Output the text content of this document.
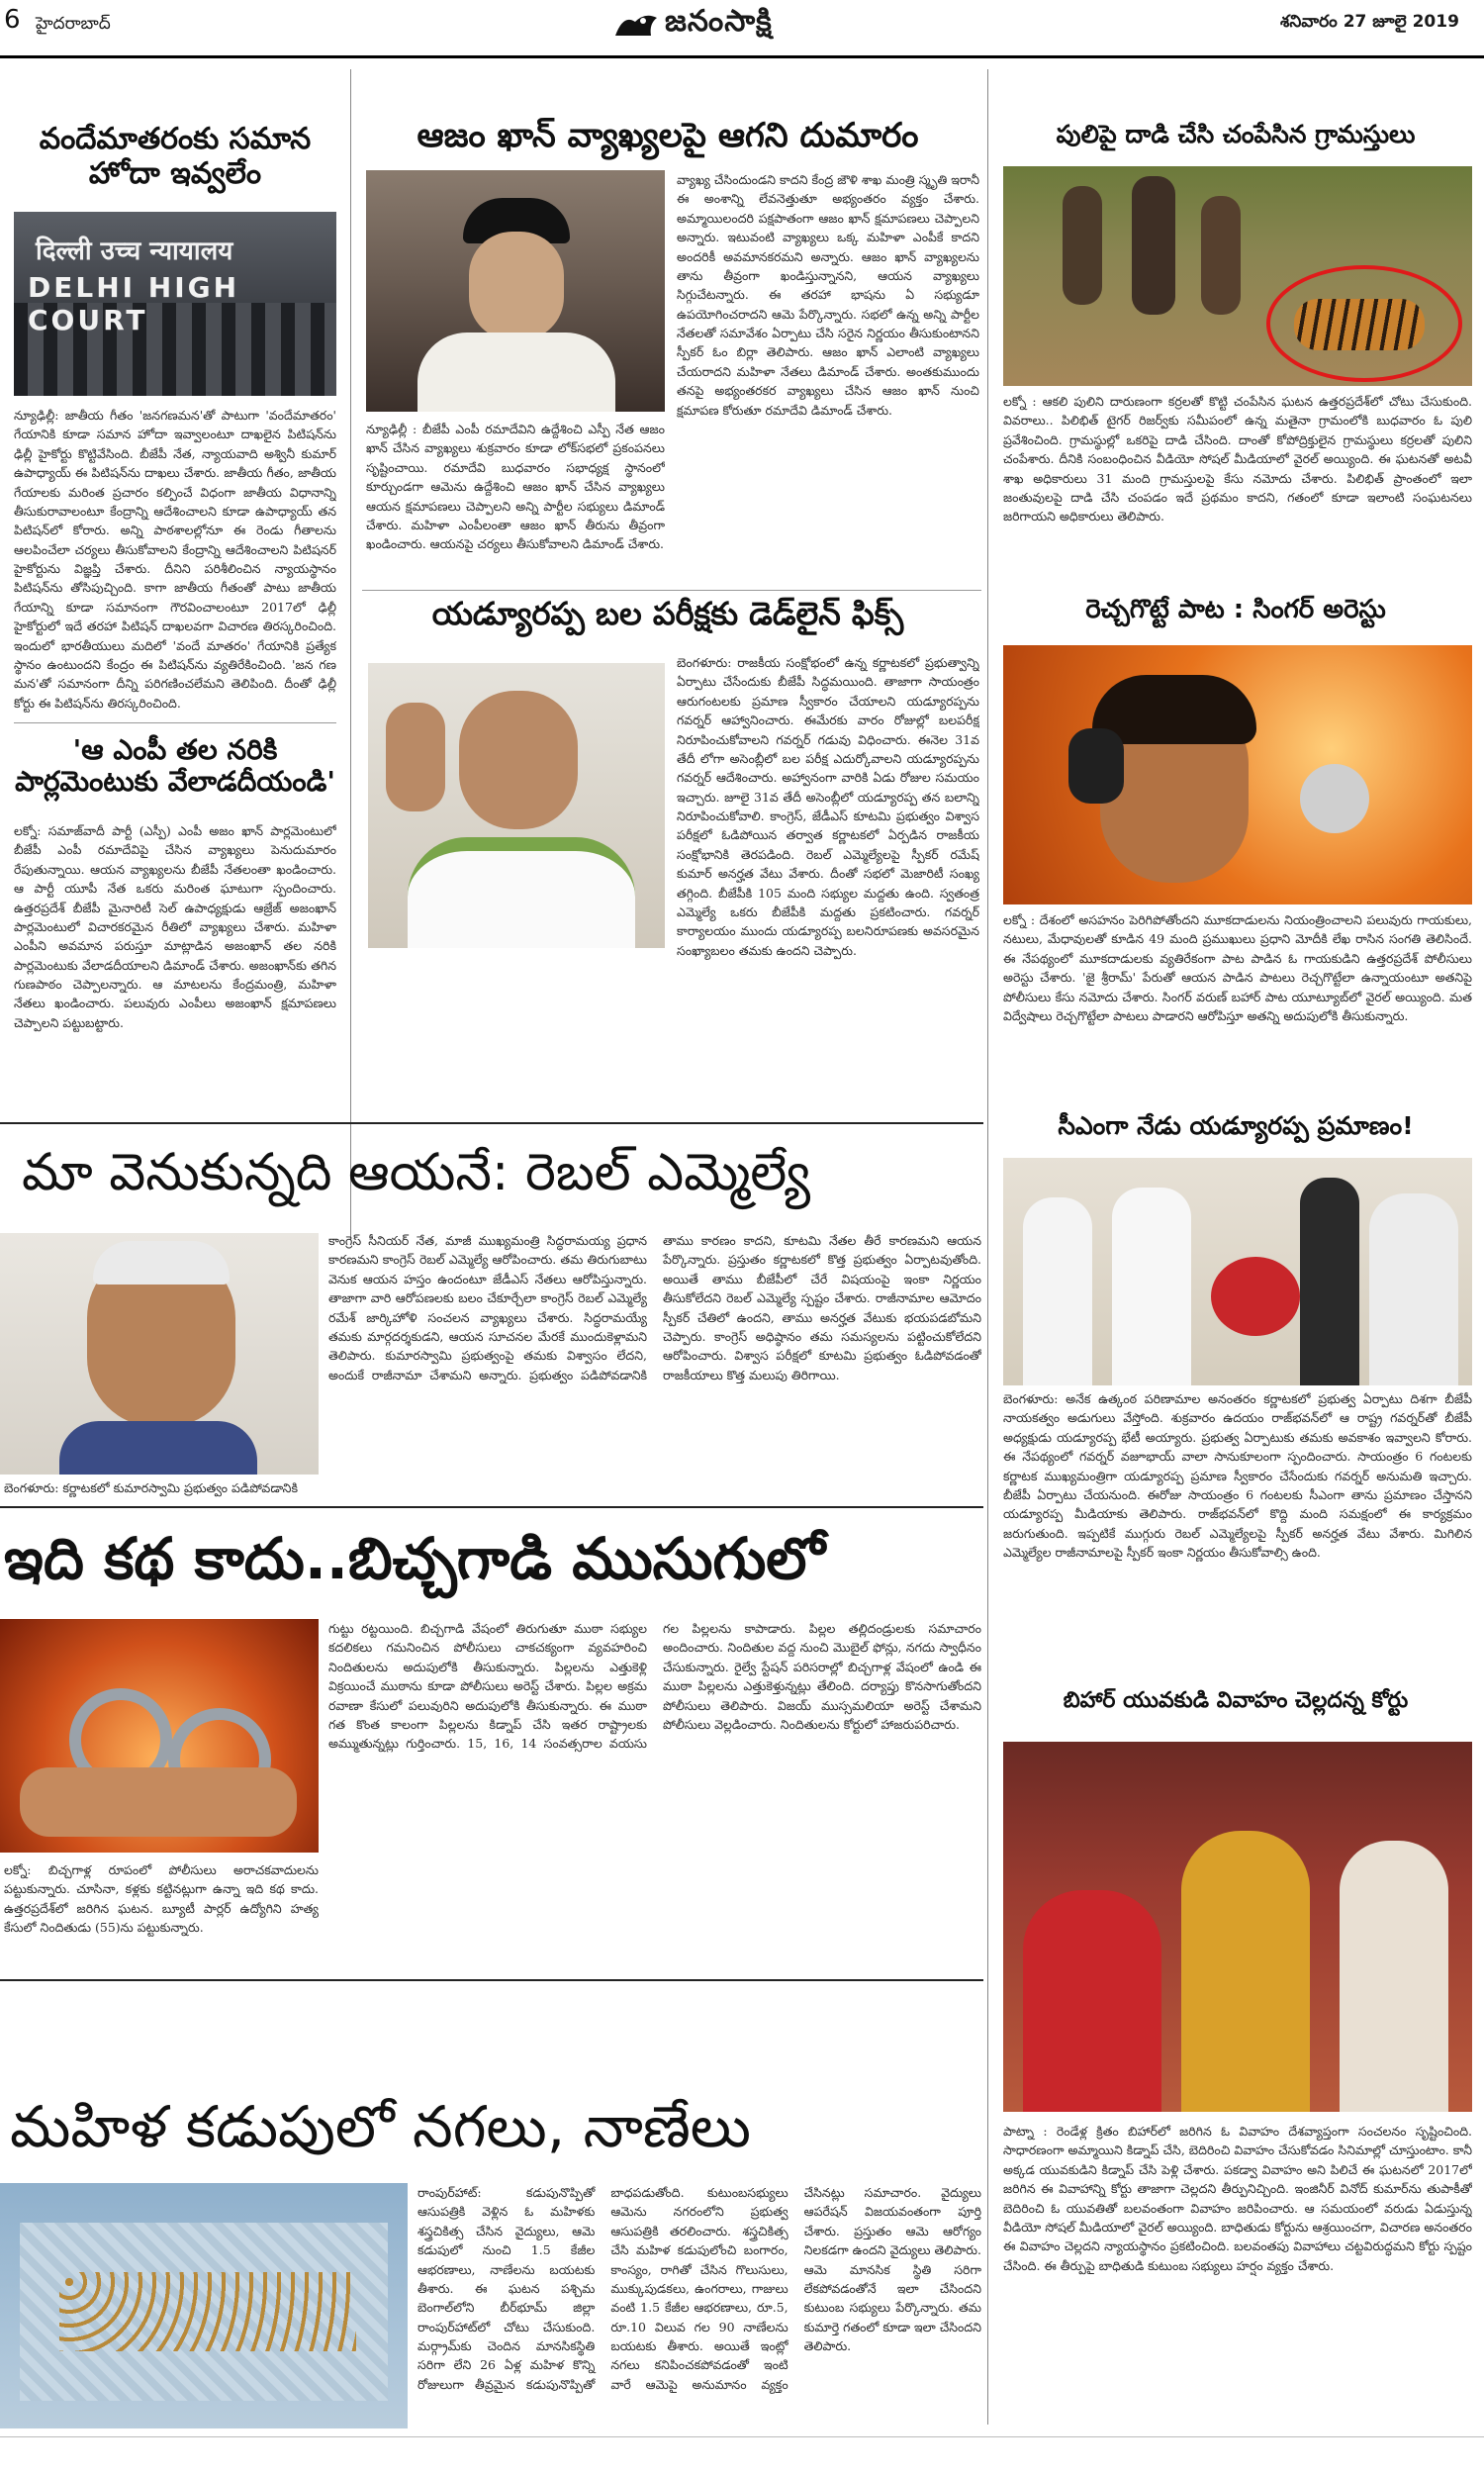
6 హైదరాబాద్	జనంసాక్షి	శనివారం 27 జూలై 2019
వందేమాతరంకు సమాన హోదా ఇవ్వలేం
दिल्ली उच्च न्यायालय
DELHI HIGH COURT
న్యూఢిల్లీ: జాతీయ గీతం 'జనగణమన'తో పాటుగా 'వందేమాతరం' గేయానికి కూడా సమాన హోదా ఇవ్వాలంటూ దాఖలైన పిటిషన్‌ను ఢిల్లీ హైకోర్టు కొట్టివేసింది. బీజేపీ నేత, న్యాయవాది అశ్వినీ కుమార్ ఉపాధ్యాయ్ ఈ పిటిషన్‌ను దాఖలు చేశారు. జాతీయ గీతం, జాతీయ గేయాలకు మరింత ప్రచారం కల్పించే విధంగా జాతీయ విధానాన్ని తీసుకురావాలంటూ కేంద్రాన్ని ఆదేశించాలని కూడా ఉపాధ్యాయ్ తన పిటిషన్‌లో కోరారు. అన్ని పాఠశాలల్లోనూ ఈ రెండు గీతాలను ఆలపించేలా చర్యలు తీసుకోవాలని కేంద్రాన్ని ఆదేశించాలని పిటిషనర్ హైకోర్టును విజ్ఞప్తి చేశారు. దీనిని పరిశీలించిన న్యాయస్థానం పిటిషన్‌ను తోసిపుచ్చింది. కాగా జాతీయ గీతంతో పాటు జాతీయ గేయాన్ని కూడా సమానంగా గౌరవించాలంటూ 2017లో ఢిల్లీ హైకోర్టులో ఇదే తరహా పిటిషన్ దాఖలవగా విచారణ తిరస్కరించింది. ఇందులో భారతీయులు మదిలో 'వందే మాతరం' గేయానికి ప్రత్యేక స్థానం ఉంటుందని కేంద్రం ఈ పిటిషన్‌ను వ్యతిరేకించింది. 'జన గణ మన'తో సమానంగా దీన్ని పరిగణించలేమని తెలిపింది. దీంతో ఢిల్లీ కోర్టు ఈ పిటిషన్‌ను తిరస్కరించింది.
'ఆ ఎంపీ తల నరికి పార్లమెంటుకు వేలాడదీయండి'
లక్నో: సమాజ్‌వాదీ పార్టీ (ఎస్పీ) ఎంపీ అజం ఖాన్ పార్లమెంటులో బీజేపీ ఎంపీ రమాదేవిపై చేసిన వ్యాఖ్యలు పెనుదుమారం రేపుతున్నాయి. ఆయన వ్యాఖ్యలను బీజేపీ నేతలంతా ఖండించారు. ఆ పార్టీ యూపీ నేత ఒకరు మరింత ఘాటుగా స్పందించారు. ఉత్తరప్రదేశ్ బీజేపీ మైనారిటీ సెల్ ఉపాధ్యక్షుడు ఆజ్రేజ్ అజంఖాన్ పార్లమెంటులో విచారకరమైన రీతిలో వ్యాఖ్యలు చేశారు. మహిళా ఎంపీని అవమాన పరుస్తూ మాట్లాడిన అజంఖాన్ తల నరికి పార్లమెంటుకు వేలాడదీయాలని డిమాండ్ చేశారు. అజంఖాన్‌కు తగిన గుణపాఠం చెప్పాలన్నారు. ఆ మాటలను కేంద్రమంత్రి, మహిళా నేతలు ఖండించారు. పలువురు ఎంపీలు అజంఖాన్ క్షమాపణలు చెప్పాలని పట్టుబట్టారు.
ఆజం ఖాన్ వ్యాఖ్యలపై ఆగని దుమారం
న్యూఢిల్లీ : బీజేపీ ఎంపీ రమాదేవిని ఉద్దేశించి ఎస్పీ నేత ఆజం ఖాన్ చేసిన వ్యాఖ్యలు శుక్రవారం కూడా లోక్‌సభలో ప్రకంపనలు సృష్టించాయి. రమాదేవి బుధవారం సభాధ్యక్ష స్థానంలో కూర్చుండగా ఆమెను ఉద్దేశించి ఆజం ఖాన్ చేసిన వ్యాఖ్యలు ఆయన క్షమాపణలు చెప్పాలని అన్ని పార్టీల సభ్యులు డిమాండ్ చేశారు. మహిళా ఎంపీలంతా ఆజం ఖాన్ తీరును తీవ్రంగా ఖండించారు. ఆయనపై చర్యలు తీసుకోవాలని డిమాండ్ చేశారు.
వ్యాఖ్య చేసిందుండని కాదని కేంద్ర జౌళి శాఖ మంత్రి స్మృతి ఇరానీ ఈ అంశాన్ని లేవనెత్తుతూ అభ్యంతరం వ్యక్తం చేశారు. అమ్మాయిలందరి పక్షపాతంగా ఆజం ఖాన్ క్షమాపణలు చెప్పాలని అన్నారు. ఇటువంటి వ్యాఖ్యలు ఒక్క మహిళా ఎంపీకే కాదని అందరికీ అవమానకరమని అన్నారు. ఆజం ఖాన్ వ్యాఖ్యలను తాను తీవ్రంగా ఖండిస్తున్నానని, ఆయన వ్యాఖ్యలు సిగ్గుచేటన్నారు. ఈ తరహా భాషను ఏ సభ్యుడూ ఉపయోగించరాదని ఆమె పేర్కొన్నారు. సభలో ఉన్న అన్ని పార్టీల నేతలతో సమావేశం ఏర్పాటు చేసి సరైన నిర్ణయం తీసుకుంటానని స్పీకర్ ఓం బిర్లా తెలిపారు. ఆజం ఖాన్ ఎలాంటి వ్యాఖ్యలు చేయరాదని మహిళా నేతలు డిమాండ్ చేశారు. అంతకుముందు తనపై అభ్యంతరకర వ్యాఖ్యలు చేసిన ఆజం ఖాన్ నుంచి క్షమాపణ కోరుతూ రమాదేవి డిమాండ్ చేశారు.
యడ్యూరప్ప బల పరీక్షకు డెడ్‌లైన్ ఫిక్స్
బెంగళూరు: రాజకీయ సంక్షోభంలో ఉన్న కర్ణాటకలో ప్రభుత్వాన్ని ఏర్పాటు చేసేందుకు బీజేపీ సిద్ధమయింది. తాజాగా సాయంత్రం ఆరుగంటలకు ప్రమాణ స్వీకారం చేయాలని యడ్యూరప్పను గవర్నర్ ఆహ్వానించారు. ఈమేరకు వారం రోజుల్లో బలపరీక్ష నిరూపించుకోవాలని గవర్నర్ గడువు విధించారు. ఈనెల 31వ తేదీ లోగా అసెంబ్లీలో బల పరీక్ష ఎదుర్కోవాలని యడ్యూరప్పను గవర్నర్ ఆదేశించారు. అహ్వానంగా వారికి ఏడు రోజుల సమయం ఇచ్చారు. జూలై 31వ తేదీ అసెంబ్లీలో యడ్యూరప్ప తన బలాన్ని నిరూపించుకోవాలి. కాంగ్రెస్, జేడీఎస్ కూటమి ప్రభుత్వం విశ్వాస పరీక్షలో ఓడిపోయిన తర్వాత కర్ణాటకలో ఏర్పడిన రాజకీయ సంక్షోభానికి తెరపడింది. రెబల్ ఎమ్మెల్యేలపై స్పీకర్ రమేష్ కుమార్ అనర్హత వేటు వేశారు. దీంతో సభలో మెజారిటీ సంఖ్య తగ్గింది. బీజేపీకి 105 మంది సభ్యుల మద్దతు ఉంది. స్వతంత్ర ఎమ్మెల్యే ఒకరు బీజేపీకి మద్దతు ప్రకటించారు. గవర్నర్ కార్యాలయం ముందు యడ్యూరప్ప బలనిరూపణకు అవసరమైన సంఖ్యాబలం తమకు ఉందని చెప్పారు.
పులిపై దాడి చేసి చంపేసిన గ్రామస్తులు
లక్నో : ఆకలి పులిని దారుణంగా కర్రలతో కొట్టి చంపేసిన ఘటన ఉత్తరప్రదేశ్‌లో చోటు చేసుకుంది. వివరాలు.. పిలిభిత్ టైగర్ రిజర్వ్‌కు సమీపంలో ఉన్న మతైనా గ్రామంలోకి బుధవారం ఓ పులి ప్రవేశించింది. గ్రామస్థుల్లో ఒకరిపై దాడి చేసింది. దాంతో కోపోద్రిక్తులైన గ్రామస్థులు కర్రలతో పులిని చంపేశారు. దీనికి సంబంధించిన వీడియో సోషల్ మీడియాలో వైరల్ అయ్యింది. ఈ ఘటనతో అటవీ శాఖ అధికారులు 31 మంది గ్రామస్తులపై కేసు నమోదు చేశారు. పిలిభిత్ ప్రాంతంలో ఇలా జంతువులపై దాడి చేసి చంపడం ఇదే ప్రథమం కాదని, గతంలో కూడా ఇలాంటి సంఘటనలు జరిగాయని అధికారులు తెలిపారు.
రెచ్చగొట్టే పాట : సింగర్ అరెస్టు
లక్నో : దేశంలో అసహనం పెరిగిపోతోందని మూకదాడులను నియంత్రించాలని పలువురు గాయకులు, నటులు, మేధావులతో కూడిన 49 మంది ప్రముఖులు ప్రధాని మోదీకి లేఖ రాసిన సంగతి తెలిసిందే. ఈ నేపథ్యంలో మూకదాడులకు వ్యతిరేకంగా పాట పాడిన ఓ గాయకుడిని ఉత్తరప్రదేశ్ పోలీసులు అరెస్టు చేశారు. 'జై శ్రీరామ్' పేరుతో ఆయన పాడిన పాటలు రెచ్చగొట్టేలా ఉన్నాయంటూ అతనిపై పోలీసులు కేసు నమోదు చేశారు. సింగర్ వరుణ్ బహార్ పాట యూట్యూబ్‌లో వైరల్ అయ్యింది. మత విద్వేషాలు రెచ్చగొట్టేలా పాటలు పాడారని ఆరోపిస్తూ అతన్ని అదుపులోకి తీసుకున్నారు.
సీఎంగా నేడు యడ్యూరప్ప ప్రమాణం!
బెంగళూరు: అనేక ఉత్కంఠ పరిణామాల అనంతరం కర్ణాటకలో ప్రభుత్వ ఏర్పాటు దిశగా బీజేపీ నాయకత్వం అడుగులు వేస్తోంది. శుక్రవారం ఉదయం రాజ్‌భవన్‌లో ఆ రాష్ట్ర గవర్నర్‌తో బీజేపీ అధ్యక్షుడు యడ్యూరప్ప భేటీ అయ్యారు. ప్రభుత్వ ఏర్పాటుకు తమకు అవకాశం ఇవ్వాలని కోరారు. ఈ నేపథ్యంలో గవర్నర్ వజూభాయ్ వాలా సానుకూలంగా స్పందించారు. సాయంత్రం 6 గంటలకు కర్ణాటక ముఖ్యమంత్రిగా యడ్యూరప్ప ప్రమాణ స్వీకారం చేసేందుకు గవర్నర్ అనుమతి ఇచ్చారు. బీజేపీ ఏర్పాటు చేయనుంది. ఈరోజు సాయంత్రం 6 గంటలకు సీఎంగా తాను ప్రమాణం చేస్తానని యడ్యూరప్ప మీడియాకు తెలిపారు. రాజ్‌భవన్‌లో కొద్ది మంది సమక్షంలో ఈ కార్యక్రమం జరుగుతుంది. ఇప్పటికే ముగ్గురు రెబల్ ఎమ్మెల్యేలపై స్పీకర్ అనర్హత వేటు వేశారు. మిగిలిన ఎమ్మెల్యేల రాజీనామాలపై స్పీకర్ ఇంకా నిర్ణయం తీసుకోవాల్సి ఉంది.
బిహార్ యువకుడి వివాహం చెల్లదన్న కోర్టు
పాట్నా : రెండేళ్ల క్రితం బిహార్‌లో జరిగిన ఓ వివాహం దేశవ్యాప్తంగా సంచలనం సృష్టించింది. సాధారణంగా అమ్మాయిని కిడ్నాప్ చేసి, బెదిరించి వివాహం చేసుకోవడం సినిమాల్లో చూస్తుంటాం. కానీ అక్కడ యువకుడిని కిడ్నాప్ చేసి పెళ్లి చేశారు. పకడ్వా వివాహం అని పిలిచే ఈ ఘటనలో 2017లో జరిగిన ఈ వివాహాన్ని కోర్టు తాజాగా చెల్లదని తీర్పునిచ్చింది. ఇంజినీర్ వినోద్ కుమార్‌ను తుపాకీతో బెదిరించి ఓ యువతితో బలవంతంగా వివాహం జరిపించారు. ఆ సమయంలో వరుడు ఏడుస్తున్న వీడియో సోషల్ మీడియాలో వైరల్ అయ్యింది. బాధితుడు కోర్టును ఆశ్రయించగా, విచారణ అనంతరం ఈ వివాహం చెల్లదని న్యాయస్థానం ప్రకటించింది. బలవంతపు వివాహాలు చట్టవిరుద్ధమని కోర్టు స్పష్టం చేసింది. ఈ తీర్పుపై బాధితుడి కుటుంబ సభ్యులు హర్షం వ్యక్తం చేశారు.
మా వెనుకున్నది ఆయనే: రెబల్ ఎమ్మెల్యే
బెంగళూరు: కర్ణాటకలో కుమారస్వామి ప్రభుత్వం పడిపోవడానికి
కాంగ్రెస్ సీనియర్ నేత, మాజీ ముఖ్యమంత్రి సిద్ధరామయ్య ప్రధాన కారణమని కాంగ్రెస్ రెబల్ ఎమ్మెల్యే ఆరోపించారు. తమ తిరుగుబాటు వెనుక ఆయన హస్తం ఉందంటూ జేడీఎస్ నేతలు ఆరోపిస్తున్నారు. తాజాగా వారి ఆరోపణలకు బలం చేకూర్చేలా కాంగ్రెస్ రెబల్ ఎమ్మెల్యే రమేశ్ జార్కిహోళి సంచలన వ్యాఖ్యలు చేశారు. సిద్ధరామయ్యే తమకు మార్గదర్శకుడని, ఆయన సూచనల మేరకే ముందుకెళ్లామని తెలిపారు. కుమారస్వామి ప్రభుత్వంపై తమకు విశ్వాసం లేదని, అందుకే రాజీనామా చేశామని అన్నారు. ప్రభుత్వం పడిపోవడానికి తాము కారణం కాదని, కూటమి నేతల తీరే కారణమని ఆయన పేర్కొన్నారు. ప్రస్తుతం కర్ణాటకలో కొత్త ప్రభుత్వం ఏర్పాటవుతోంది. అయితే తాము బీజేపీలో చేరే విషయంపై ఇంకా నిర్ణయం తీసుకోలేదని రెబల్ ఎమ్మెల్యే స్పష్టం చేశారు. రాజీనామాల ఆమోదం స్పీకర్ చేతిలో ఉందని, తాము అనర్హత వేటుకు భయపడబోమని చెప్పారు. కాంగ్రెస్ అధిష్ఠానం తమ సమస్యలను పట్టించుకోలేదని ఆరోపించారు. విశ్వాస పరీక్షలో కూటమి ప్రభుత్వం ఓడిపోవడంతో రాజకీయాలు కొత్త మలుపు తిరిగాయి.
ఇది కథ కాదు..బిచ్చగాడి ముసుగులో
లక్నో: బిచ్చగాళ్ల రూపంలో పోలీసులు అరాచకవాదులను పట్టుకున్నారు. చూసినా, కళ్లకు కట్టినట్లుగా ఉన్నా ఇది కథ కాదు. ఉత్తరప్రదేశ్‌లో జరిగిన ఘటన. బ్యూటీ పార్లర్ ఉద్యోగిని హత్య కేసులో నిందితుడు (55)ను పట్టుకున్నారు.
గుట్టు రట్టయింది. బిచ్చగాడి వేషంలో తిరుగుతూ ముఠా సభ్యుల కదలికలు గమనించిన పోలీసులు చాకచక్యంగా వ్యవహరించి నిందితులను అదుపులోకి తీసుకున్నారు. పిల్లలను ఎత్తుకెళ్లి విక్రయించే ముఠాను కూడా పోలీసులు అరెస్ట్ చేశారు. పిల్లల అక్రమ రవాణా కేసులో పలువురిని అదుపులోకి తీసుకున్నారు. ఈ ముఠా గత కొంత కాలంగా పిల్లలను కిడ్నాప్ చేసి ఇతర రాష్ట్రాలకు అమ్ముతున్నట్లు గుర్తించారు. 15, 16, 14 సంవత్సరాల వయసు గల పిల్లలను కాపాడారు. పిల్లల తల్లిదండ్రులకు సమాచారం అందించారు. నిందితుల వద్ద నుంచి మొబైల్ ఫోన్లు, నగదు స్వాధీనం చేసుకున్నారు. రైల్వే స్టేషన్ పరిసరాల్లో బిచ్చగాళ్ల వేషంలో ఉండి ఈ ముఠా పిల్లలను ఎత్తుకెళ్తున్నట్లు తేలింది. దర్యాప్తు కొనసాగుతోందని పోలీసులు తెలిపారు. విజయ్ ముస్సమలియా అరెస్ట్ చేశామని పోలీసులు వెల్లడించారు. నిందితులను కోర్టులో హాజరుపరిచారు.
మహిళ కడుపులో నగలు, నాణేలు
రాంపుర్‌హాట్: కడుపునొప్పితో ఆసుపత్రికి వెళ్లిన ఓ మహిళకు శస్త్రచికిత్స చేసిన వైద్యులు, ఆమె కడుపులో నుంచి 1.5 కేజీల ఆభరణాలు, నాణేలను బయటకు తీశారు. ఈ ఘటన పశ్చిమ బెంగాల్‌లోని బీర్‌భూమ్ జిల్లా రాంపుర్‌హాట్‌లో చోటు చేసుకుంది. మర్గ్రామ్‌కు చెందిన మానసికస్థితి సరిగా లేని 26 ఏళ్ల మహిళ కొన్ని రోజులుగా తీవ్రమైన కడుపునొప్పితో బాధపడుతోంది. కుటుంబసభ్యులు ఆమెను నగరంలోని ప్రభుత్వ ఆసుపత్రికి తరలించారు. శస్త్రచికిత్స చేసి మహిళ కడుపులోంచి బంగారం, కాంస్యం, రాగితో చేసిన గొలుసులు, ముక్కుపుడకలు, ఉంగరాలు, గాజులు వంటి 1.5 కేజీల ఆభరణాలు, రూ.5, రూ.10 విలువ గల 90 నాణేలను బయటకు తీశారు. అయితే ఇంట్లో నగలు కనిపించకపోవడంతో ఇంటి వారే ఆమెపై అనుమానం వ్యక్తం చేసినట్లు సమాచారం. వైద్యులు ఆపరేషన్ విజయవంతంగా పూర్తి చేశారు. ప్రస్తుతం ఆమె ఆరోగ్యం నిలకడగా ఉందని వైద్యులు తెలిపారు. ఆమె మానసిక స్థితి సరిగా లేకపోవడంతోనే ఇలా చేసిందని కుటుంబ సభ్యులు పేర్కొన్నారు. తమ కుమార్తె గతంలో కూడా ఇలా చేసిందని తెలిపారు.
